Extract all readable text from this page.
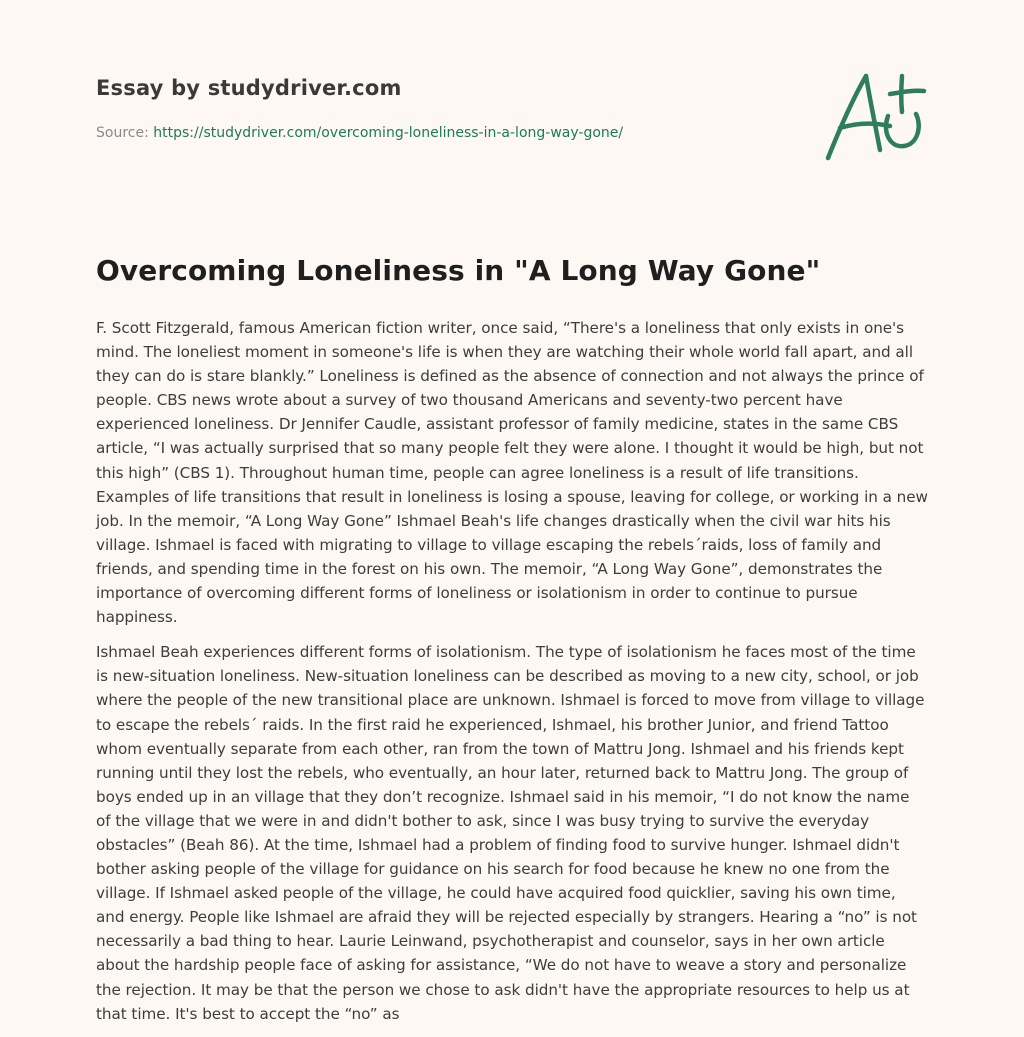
Essay by studydriver.com

Source: https://studydriver.com/overcoming-loneliness-in-a-long-way-gone/

Overcoming Loneliness in "A Long Way Gone"

F. Scott Fitzgerald, famous American fiction writer, once said, “There's a loneliness that only exists in one's mind. The loneliest moment in someone's life is when they are watching their whole world fall apart, and all they can do is stare blankly.” Loneliness is defined as the absence of connection and not always the prince of people. CBS news wrote about a survey of two thousand Americans and seventy-two percent have experienced loneliness. Dr Jennifer Caudle, assistant professor of family medicine, states in the same CBS article, “I was actually surprised that so many people felt they were alone. I thought it would be high, but not this high” (CBS 1). Throughout human time, people can agree loneliness is a result of life transitions. Examples of life transitions that result in loneliness is losing a spouse, leaving for college, or working in a new job. In the memoir, “A Long Way Gone” Ishmael Beah's life changes drastically when the civil war hits his village. Ishmael is faced with migrating to village to village escaping the rebels´raids, loss of family and friends, and spending time in the forest on his own. The memoir, “A Long Way Gone”, demonstrates the importance of overcoming different forms of loneliness or isolationism in order to continue to pursue happiness.

Ishmael Beah experiences different forms of isolationism. The type of isolationism he faces most of the time is new-situation loneliness. New-situation loneliness can be described as moving to a new city, school, or job where the people of the new transitional place are unknown. Ishmael is forced to move from village to village to escape the rebels´ raids. In the first raid he experienced, Ishmael, his brother Junior, and friend Tattoo whom eventually separate from each other, ran from the town of Mattru Jong. Ishmael and his friends kept running until they lost the rebels, who eventually, an hour later, returned back to Mattru Jong. The group of boys ended up in an village that they don’t recognize. Ishmael said in his memoir, “I do not know the name of the village that we were in and didn't bother to ask, since I was busy trying to survive the everyday obstacles” (Beah 86). At the time, Ishmael had a problem of finding food to survive hunger. Ishmael didn't bother asking people of the village for guidance on his search for food because he knew no one from the village. If Ishmael asked people of the village, he could have acquired food quicklier, saving his own time, and energy. People like Ishmael are afraid they will be rejected especially by strangers. Hearing a “no” is not necessarily a bad thing to hear. Laurie Leinwand, psychotherapist and counselor, says in her own article about the hardship people face of asking for assistance, “We do not have to weave a story and personalize the rejection. It may be that the person we chose to ask didn't have the appropriate resources to help us at that time. It's best to accept the “no” as
